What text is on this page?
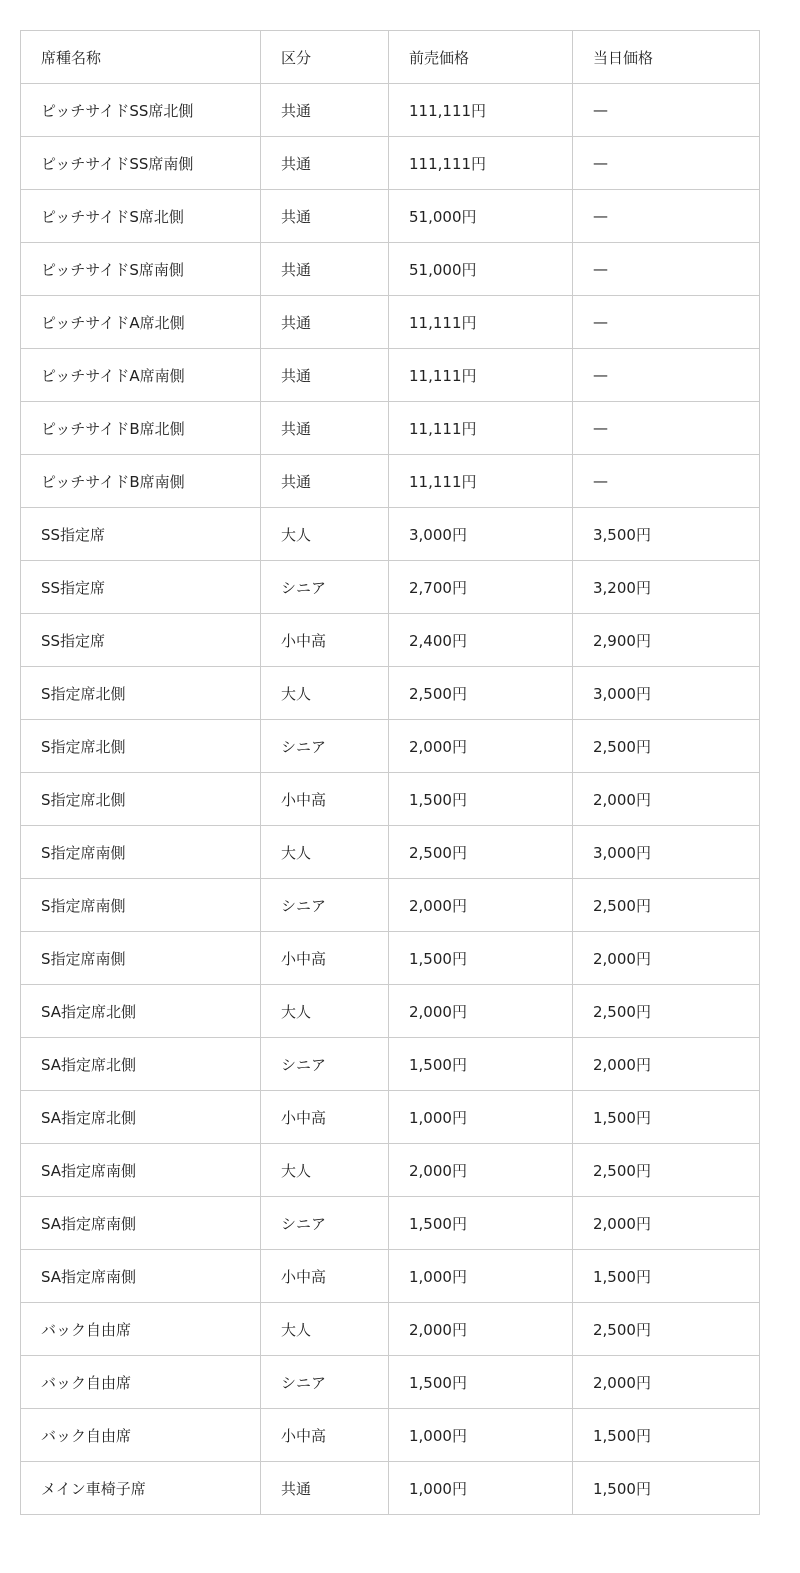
席種名称	区分	前売価格	当日価格
ピッチサイドSS席北側	共通	111,111円	—
ピッチサイドSS席南側	共通	111,111円	—
ピッチサイドS席北側	共通	51,000円	—
ピッチサイドS席南側	共通	51,000円	—
ピッチサイドA席北側	共通	11,111円	—
ピッチサイドA席南側	共通	11,111円	—
ピッチサイドB席北側	共通	11,111円	—
ピッチサイドB席南側	共通	11,111円	—
SS指定席	大人	3,000円	3,500円
SS指定席	シニア	2,700円	3,200円
SS指定席	小中高	2,400円	2,900円
S指定席北側	大人	2,500円	3,000円
S指定席北側	シニア	2,000円	2,500円
S指定席北側	小中高	1,500円	2,000円
S指定席南側	大人	2,500円	3,000円
S指定席南側	シニア	2,000円	2,500円
S指定席南側	小中高	1,500円	2,000円
SA指定席北側	大人	2,000円	2,500円
SA指定席北側	シニア	1,500円	2,000円
SA指定席北側	小中高	1,000円	1,500円
SA指定席南側	大人	2,000円	2,500円
SA指定席南側	シニア	1,500円	2,000円
SA指定席南側	小中高	1,000円	1,500円
バック自由席	大人	2,000円	2,500円
バック自由席	シニア	1,500円	2,000円
バック自由席	小中高	1,000円	1,500円
メイン車椅子席	共通	1,000円	1,500円
